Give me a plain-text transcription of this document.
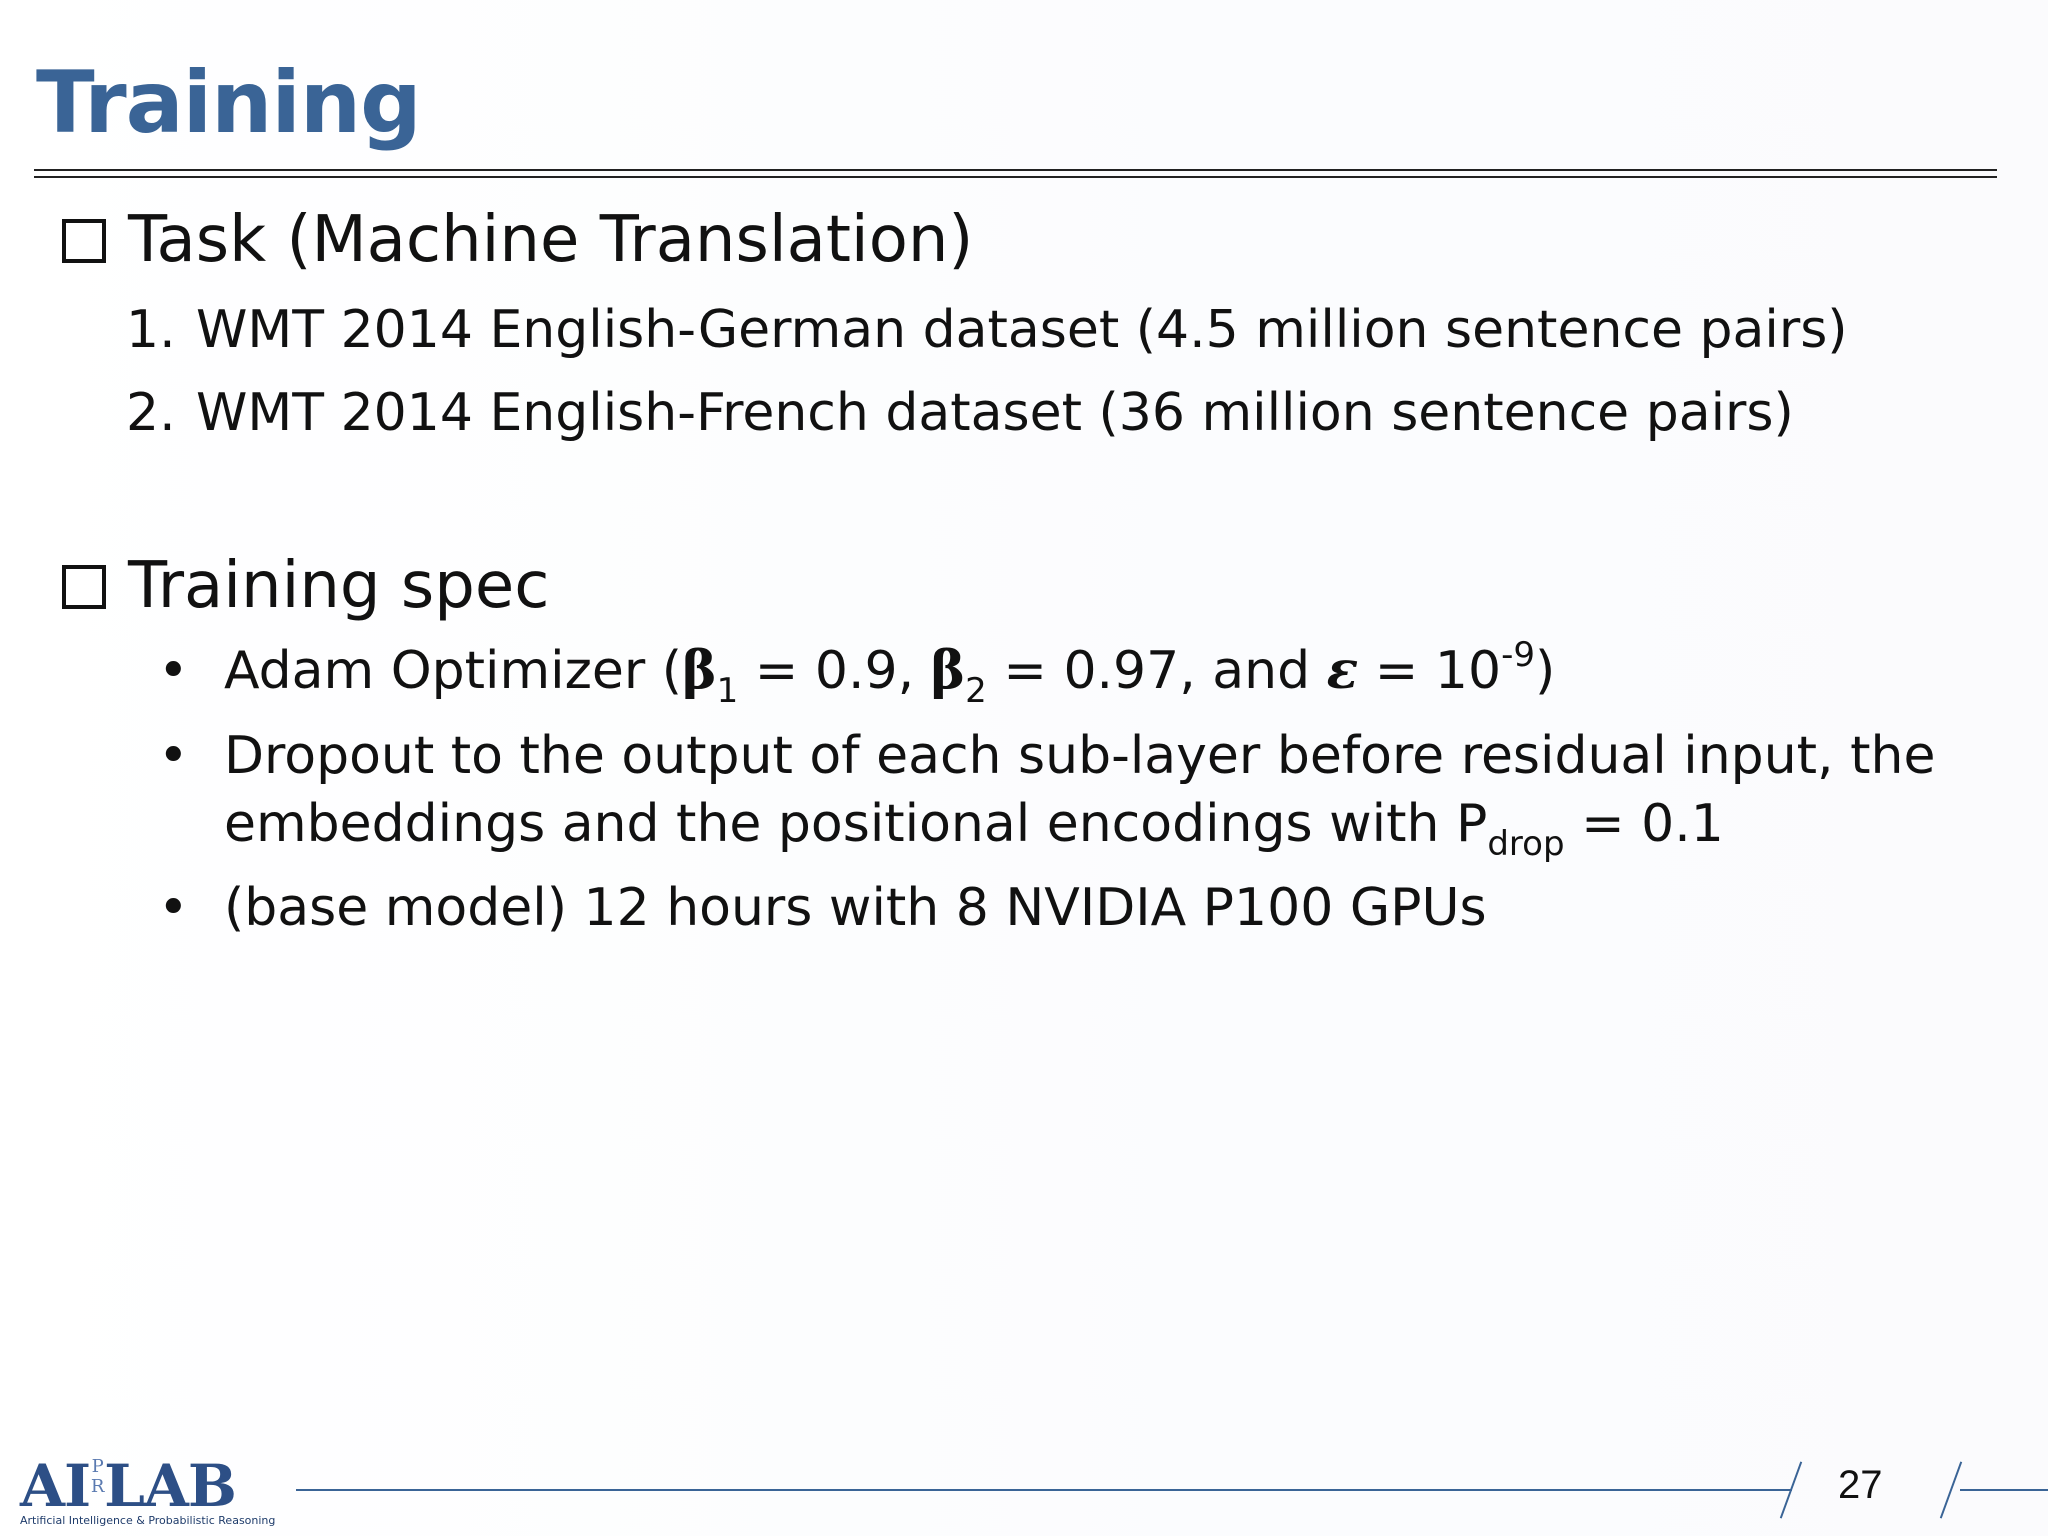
Training
Task (Machine Translation)
1. WMT 2014 English-German dataset (4.5 million sentence pairs)
2. WMT 2014 English-French dataset (36 million sentence pairs)
Training spec
• Adam Optimizer ($\beta_1 = 0.9$, $\beta_2 = 0.97$, and $\varepsilon = 10^{-9}$)
• Dropout to the output of each sub-layer before residual input, the
embeddings and the positional encodings with $P_{drop} = 0.1$
• (base model) 12 hours with 8 NVIDIA P100 GPUs
AIP
RLAB
Artificial Intelligence & Probabilistic Reasoning
27
